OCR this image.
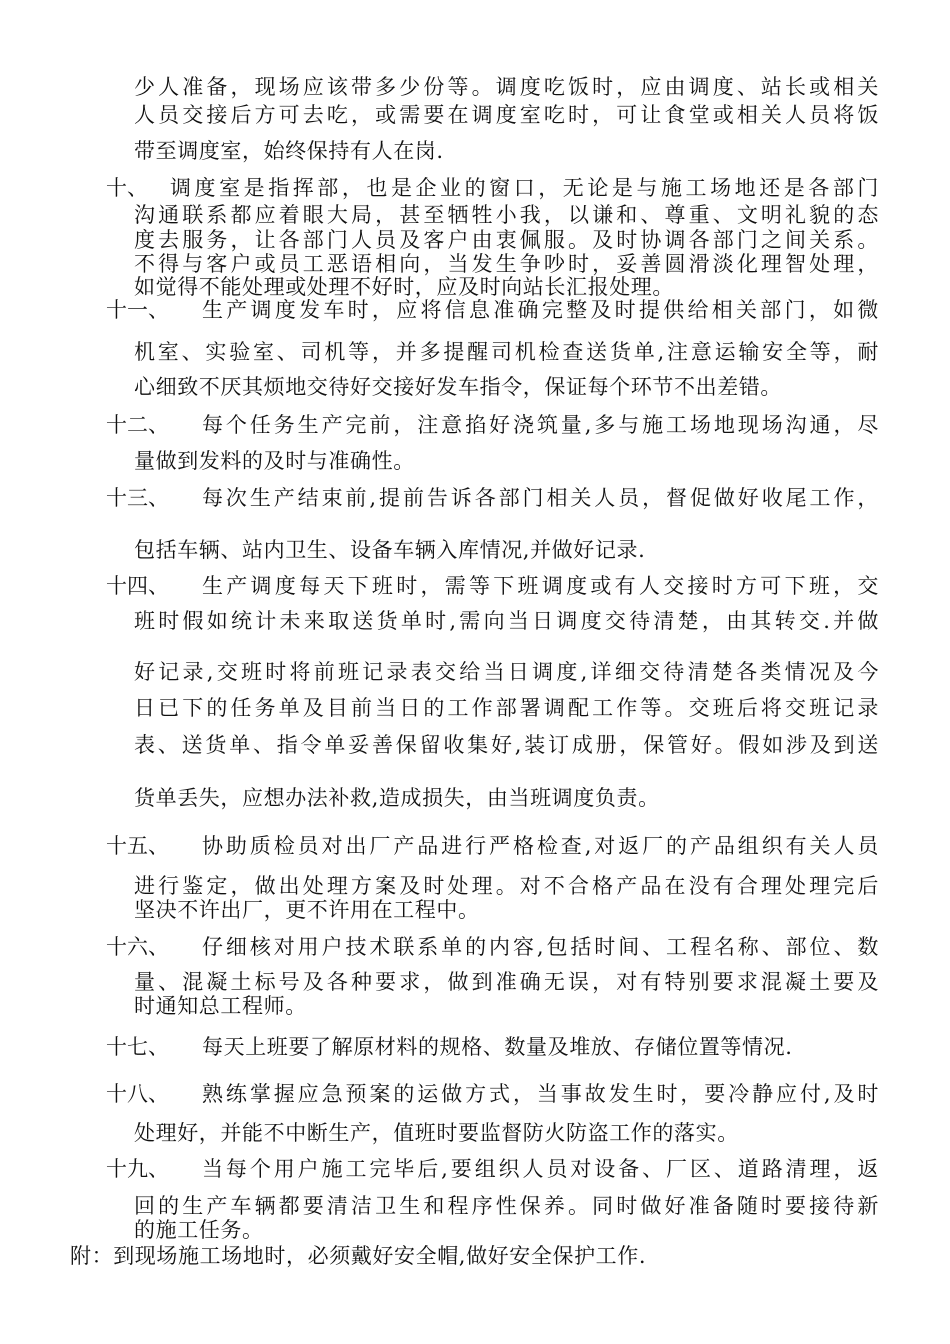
少人准备，现场应该带多少份等。调度吃饭时，应由调度、站长或相关
人员交接后方可去吃，或需要在调度室吃时，可让食堂或相关人员将饭
带至调度室，始终保持有人在岗.
十、 调度室是指挥部，也是企业的窗口，无论是与施工场地还是各部门
沟通联系都应着眼大局，甚至牺牲小我，以谦和、尊重、文明礼貌的态
度去服务，让各部门人员及客户由衷佩服。及时协调各部门之间关系。
不得与客户或员工恶语相向，当发生争吵时，妥善圆滑淡化理智处理，
如觉得不能处理或处理不好时，应及时向站长汇报处理。
十一、 生产调度发车时，应将信息准确完整及时提供给相关部门，如微
机室、实验室、司机等，并多提醒司机检查送货单,注意运输安全等，耐
心细致不厌其烦地交待好交接好发车指令，保证每个环节不出差错。
十二、 每个任务生产完前，注意掐好浇筑量,多与施工场地现场沟通，尽
量做到发料的及时与准确性。
十三、 每次生产结束前,提前告诉各部门相关人员，督促做好收尾工作，
包括车辆、站内卫生、设备车辆入库情况,并做好记录.
十四、 生产调度每天下班时，需等下班调度或有人交接时方可下班，交
班时假如统计未来取送货单时,需向当日调度交待清楚，由其转交.并做
好记录,交班时将前班记录表交给当日调度,详细交待清楚各类情况及今
日已下的任务单及目前当日的工作部署调配工作等。交班后将交班记录
表、送货单、指令单妥善保留收集好,装订成册，保管好。假如涉及到送
货单丢失，应想办法补救,造成损失，由当班调度负责。
十五、 协助质检员对出厂产品进行严格检查,对返厂的产品组织有关人员
进行鉴定，做出处理方案及时处理。对不合格产品在没有合理处理完后
坚决不许出厂，更不许用在工程中。
十六、 仔细核对用户技术联系单的内容,包括时间、工程名称、部位、数
量、混凝土标号及各种要求，做到准确无误，对有特别要求混凝土要及
时通知总工程师。
十七、 每天上班要了解原材料的规格、数量及堆放、存储位置等情况.
十八、 熟练掌握应急预案的运做方式，当事故发生时，要冷静应付,及时
处理好，并能不中断生产，值班时要监督防火防盗工作的落实。
十九、 当每个用户施工完毕后,要组织人员对设备、厂区、道路清理，返
回的生产车辆都要清洁卫生和程序性保养。同时做好准备随时要接待新
的施工任务。
附：到现场施工场地时，必须戴好安全帽,做好安全保护工作.
